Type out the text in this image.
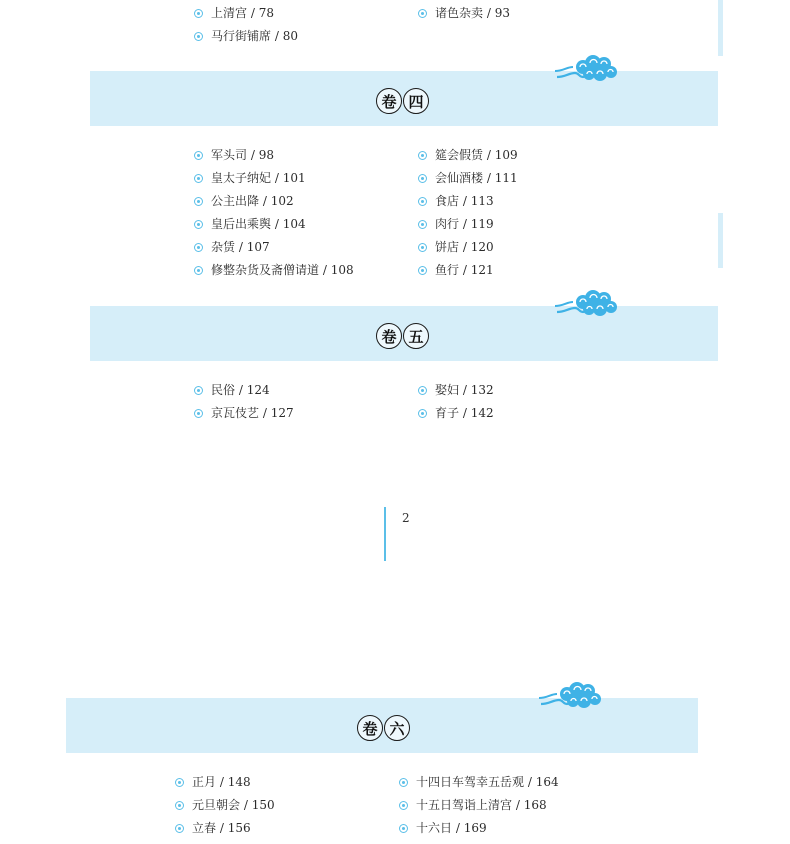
上清宫 / 78
马行街铺席 / 80
诸色杂卖 / 93
卷 四
军头司 / 98
皇太子纳妃 / 101
公主出降 / 102
皇后出乘舆 / 104
杂赁 / 107
修整杂货及斋僧请道 / 108
筵会假赁 / 109
会仙酒楼 / 111
食店 / 113
肉行 / 119
饼店 / 120
鱼行 / 121
卷 五
民俗 / 124
京瓦伎艺 / 127
娶妇 / 132
育子 / 142
2
卷 六
正月 / 148
元旦朝会 / 150
立春 / 156
十四日车驾幸五岳观 / 164
十五日驾诣上清宫 / 168
十六日 / 169
